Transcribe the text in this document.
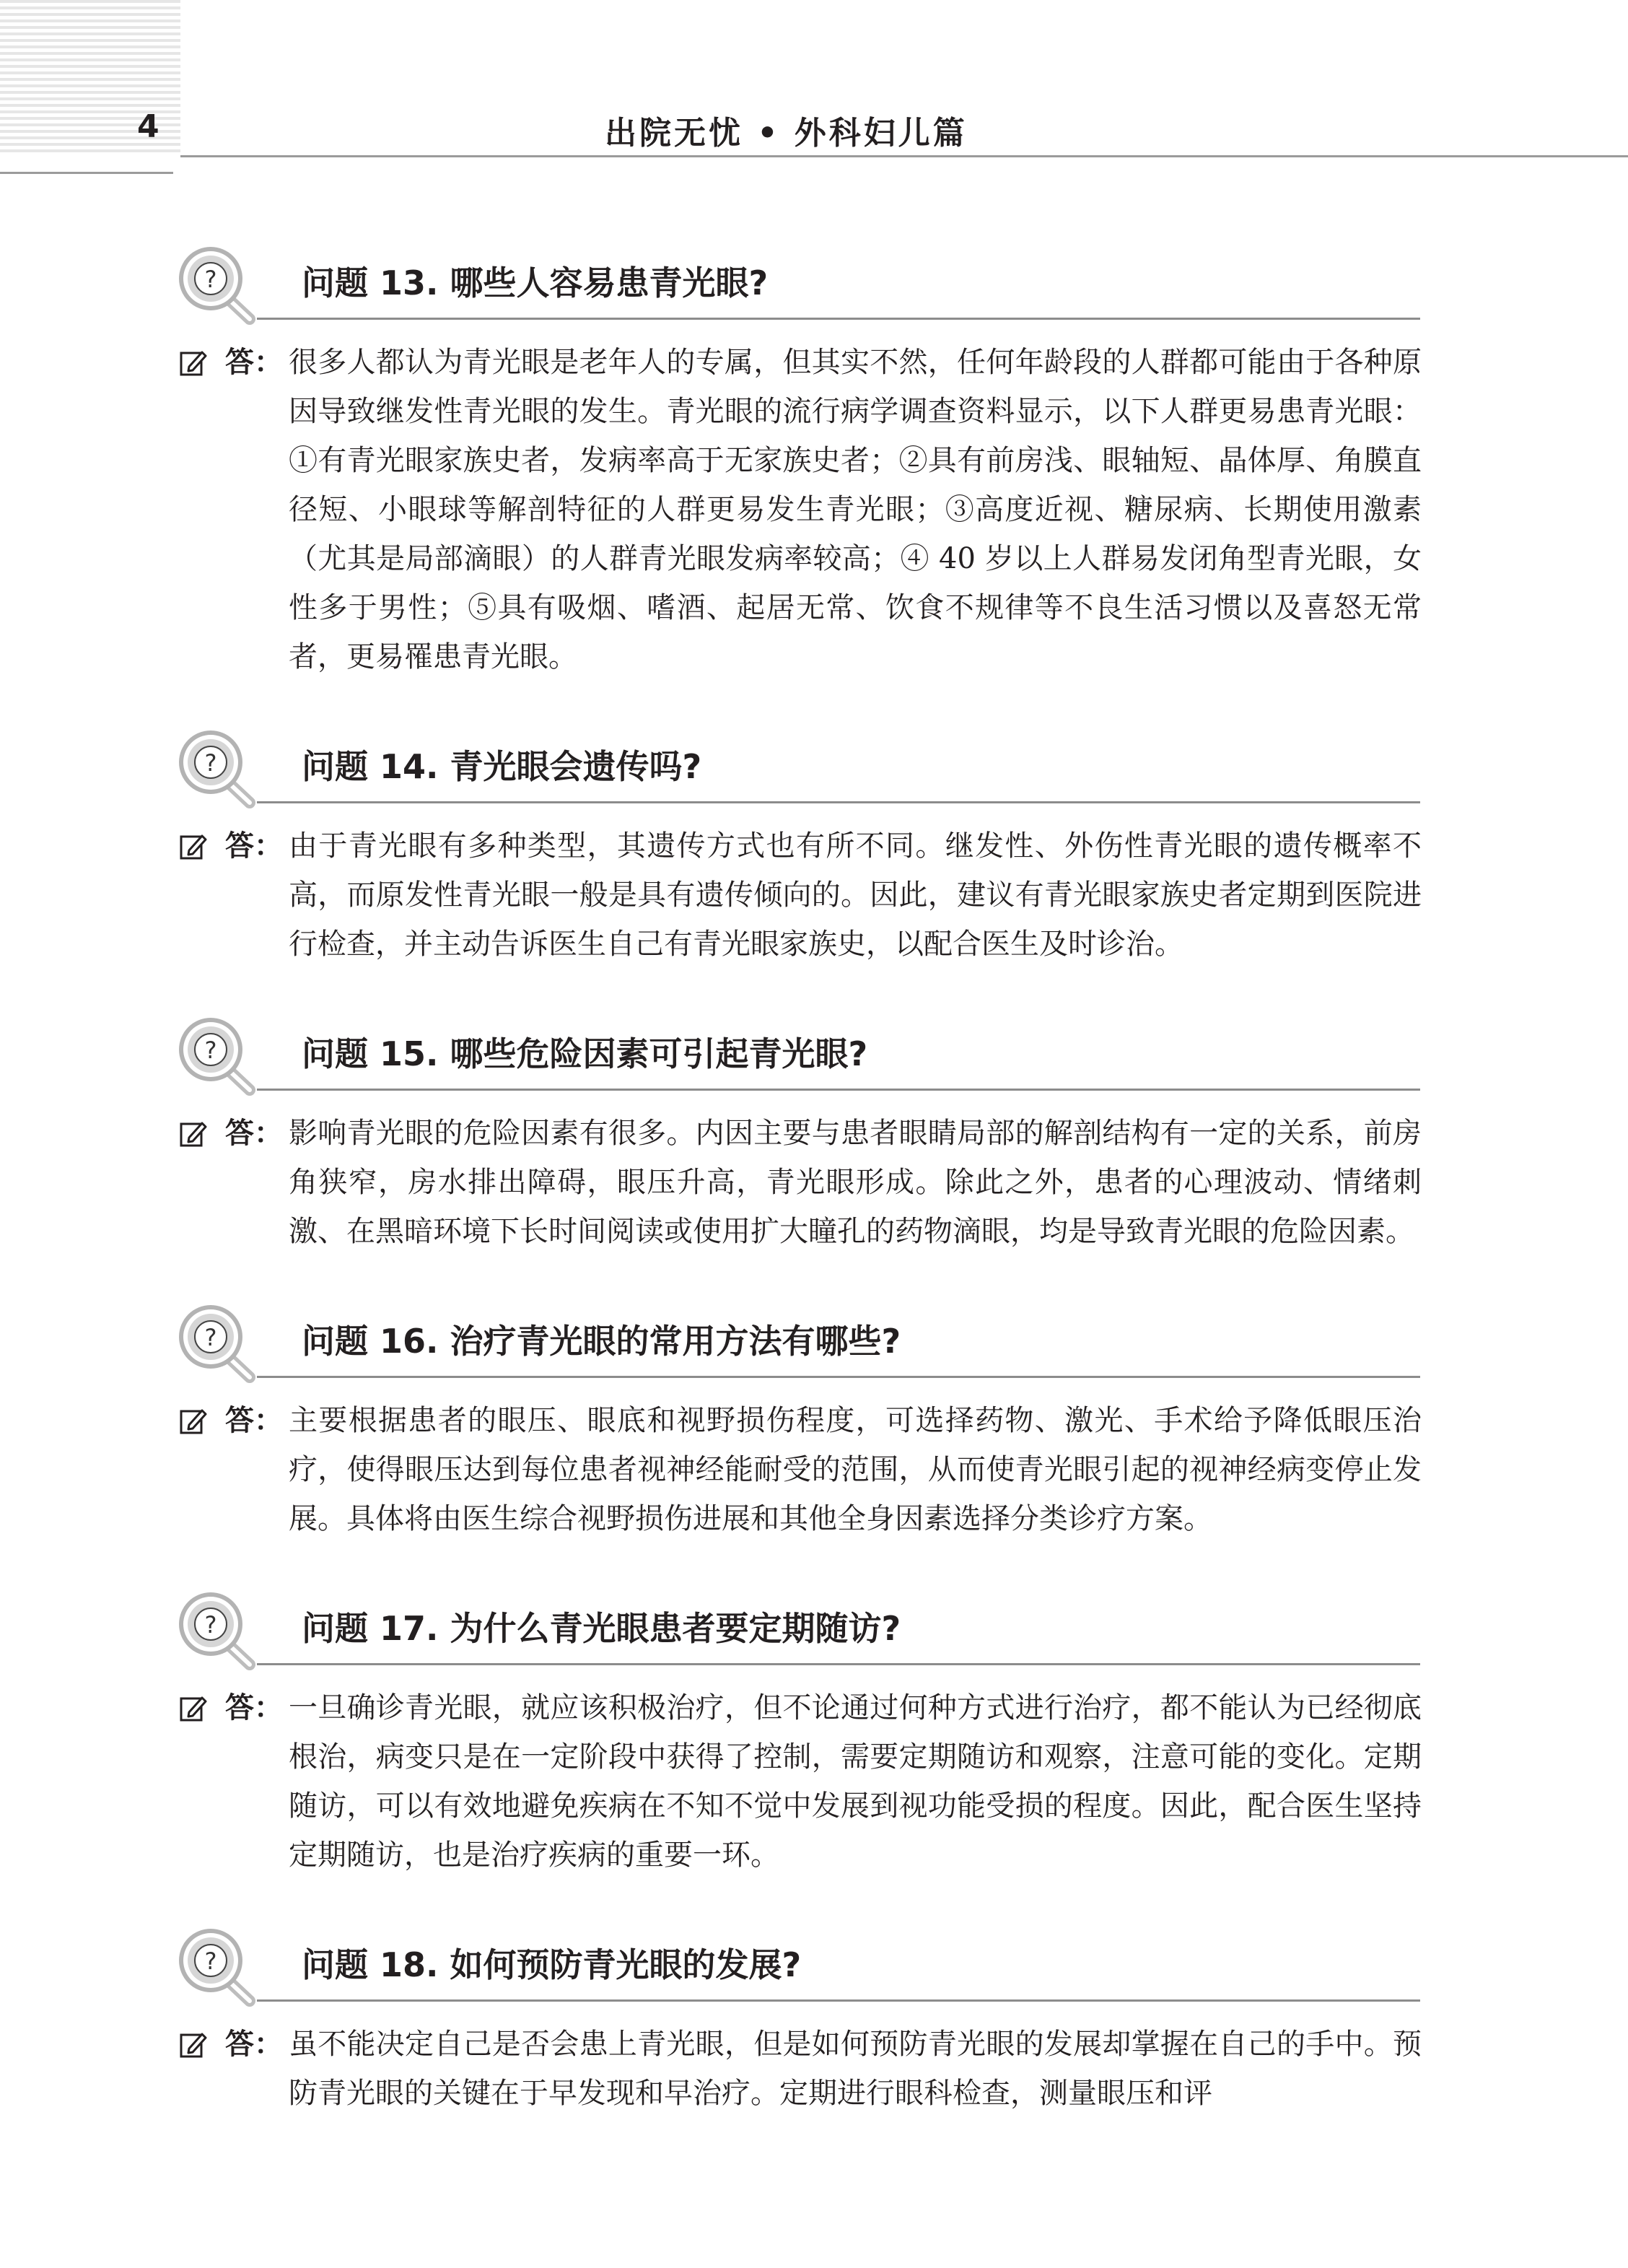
4	出院无忧 • 外科妇儿篇
?	问题 13. 哪些人容易患青光眼?
答： 很多人都认为青光眼是老年人的专属，但其实不然，任何年龄段的人群都可能由于各种原因导致继发性青光眼的发生。青光眼的流行病学调查资料显示，以下人群更易患青光眼：①有青光眼家族史者，发病率高于无家族史者；②具有前房浅、眼轴短、晶体厚、角膜直径短、小眼球等解剖特征的人群更易发生青光眼；③高度近视、糖尿病、长期使用激素（尤其是局部滴眼）的人群青光眼发病率较高；④ 40 岁以上人群易发闭角型青光眼，女性多于男性；⑤具有吸烟、嗜酒、起居无常、饮食不规律等不良生活习惯以及喜怒无常者，更易罹患青光眼。
?	问题 14. 青光眼会遗传吗?
答： 由于青光眼有多种类型，其遗传方式也有所不同。继发性、外伤性青光眼的遗传概率不高，而原发性青光眼一般是具有遗传倾向的。因此，建议有青光眼家族史者定期到医院进行检查，并主动告诉医生自己有青光眼家族史，以配合医生及时诊治。
?	问题 15. 哪些危险因素可引起青光眼?
答： 影响青光眼的危险因素有很多。内因主要与患者眼睛局部的解剖结构有一定的关系，前房角狭窄，房水排出障碍，眼压升高，青光眼形成。除此之外，患者的心理波动、情绪刺激、在黑暗环境下长时间阅读或使用扩大瞳孔的药物滴眼，均是导致青光眼的危险因素。
?	问题 16. 治疗青光眼的常用方法有哪些?
答： 主要根据患者的眼压、眼底和视野损伤程度，可选择药物、激光、手术给予降低眼压治疗，使得眼压达到每位患者视神经能耐受的范围，从而使青光眼引起的视神经病变停止发展。具体将由医生综合视野损伤进展和其他全身因素选择分类诊疗方案。
?	问题 17. 为什么青光眼患者要定期随访?
答： 一旦确诊青光眼，就应该积极治疗，但不论通过何种方式进行治疗，都不能认为已经彻底根治，病变只是在一定阶段中获得了控制，需要定期随访和观察，注意可能的变化。定期随访，可以有效地避免疾病在不知不觉中发展到视功能受损的程度。因此，配合医生坚持定期随访，也是治疗疾病的重要一环。
?	问题 18. 如何预防青光眼的发展?
答： 虽不能决定自己是否会患上青光眼，但是如何预防青光眼的发展却掌握在自己的手中。预防青光眼的关键在于早发现和早治疗。定期进行眼科检查，测量眼压和评
